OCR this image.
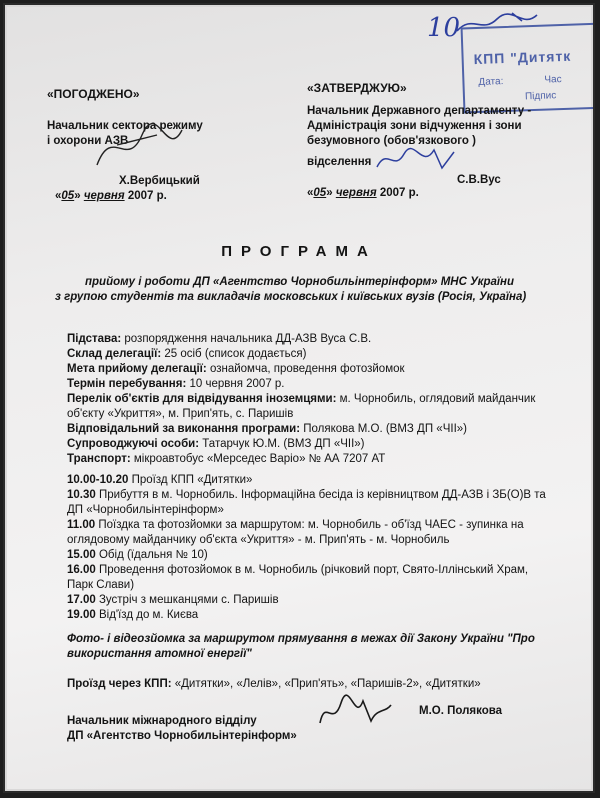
10
КПП "Дитятк
Дата:	Час
Підпис
«ПОГОДЖЕНО»
Начальник сектора режиму
і охорони АЗВ
Х.Вербицький
«05» червня 2007 р.
«ЗАТВЕРДЖУЮ»
Начальник Державного департаменту -
Адміністрація зони відчуження і зони
безумовного (обов'язкового )
відселення
С.В.Вус
«05» червня 2007 р.
ПРОГРАМА
прийому і роботи ДП «Агентство Чорнобильінтерінформ» МНС України
з групою студентів та викладачів московських і київських вузів (Росія, Україна)
Підстава: розпорядження начальника ДД-АЗВ Вуса С.В.
Склад делегації: 25 осіб (список додається)
Мета прийому делегації: ознайомча, проведення фотозйомок
Термін перебування: 10 червня 2007 р.
Перелік об'єктів для відвідування іноземцями: м. Чорнобиль, оглядовий майданчик
об'єкту «Укриття», м. Прип'ять, с. Паришів
Відповідальний за виконання програми: Полякова М.О. (ВМЗ ДП «ЧІІ»)
Супроводжуючі особи: Татарчук Ю.М. (ВМЗ ДП «ЧІІ»)
Транспорт: мікроавтобус «Мерседес Варіо» № АА 7207 АТ
10.00-10.20 Проїзд КПП «Дитятки»
10.30 Прибуття в м. Чорнобиль. Інформаційна бесіда із керівництвом ДД-АЗВ і ЗБ(О)В та
ДП «Чорнобильінтерінформ»
11.00 Поїздка та фотозйомки за маршрутом: м. Чорнобиль - об'їзд ЧАЕС - зупинка на
оглядовому майданчику об'єкта «Укриття» - м. Прип'ять - м. Чорнобиль
15.00 Обід (їдальня № 10)
16.00 Проведення фотозйомок в м. Чорнобиль (річковий порт, Свято-Іллінський Храм,
Парк Слави)
17.00 Зустріч з мешканцями с. Паришів
19.00 Від'їзд до м. Києва
Фото- і відеозйомка за маршрутом прямування в межах дії Закону України "Про
використання атомної енергії"
Проїзд через КПП: «Дитятки», «Лелів», «Прип'ять», «Паришів-2», «Дитятки»
Начальник міжнародного відділу
ДП «Агентство Чорнобильінтерінформ»
М.О. Полякова
